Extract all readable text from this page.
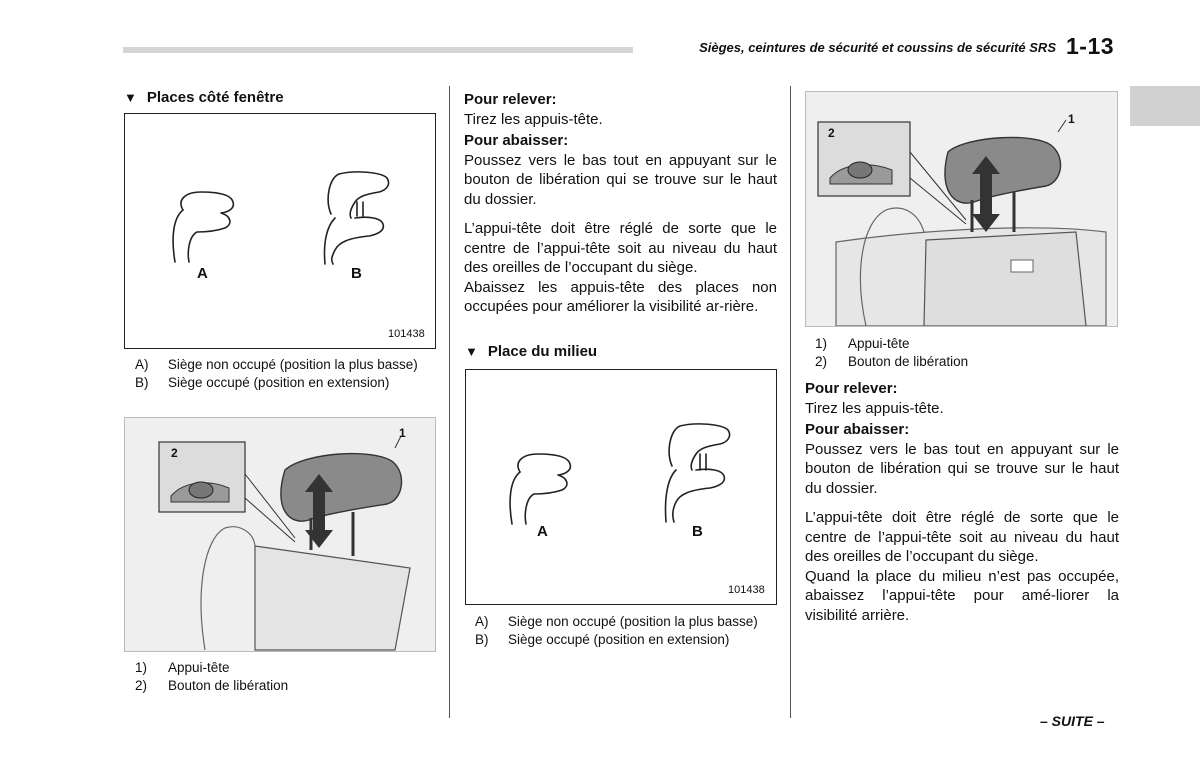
Sièges, ceintures de sécurité et coussins de sécurité SRS 1-13
▼ Places côté fenêtre
A	B
101438
A)	Siège non occupé (position la plus basse)
B)	Siège occupé (position en extension)
2
1
1)	Appui-tête
2)	Bouton de libération
Pour relever:
Tirez les appuis-tête.
Pour abaisser:
Poussez vers le bas tout en appuyant sur le bouton de libération qui se trouve sur le haut du dossier.
L’appui-tête doit être réglé de sorte que le centre de l’appui-tête soit au niveau du haut des oreilles de l’occupant du siège.
Abaissez les appuis-tête des places non occupées pour améliorer la visibilité ar-rière.
▼ Place du milieu
A	B
101438
A)	Siège non occupé (position la plus basse)
B)	Siège occupé (position en extension)
2
1
1)	Appui-tête
2)	Bouton de libération
Pour relever:
Tirez les appuis-tête.
Pour abaisser:
Poussez vers le bas tout en appuyant sur le bouton de libération qui se trouve sur le haut du dossier.
L’appui-tête doit être réglé de sorte que le centre de l’appui-tête soit au niveau du haut des oreilles de l’occupant du siège.
Quand la place du milieu n’est pas occupée, abaissez l’appui-tête pour amé-liorer la visibilité arrière.
– SUITE –
